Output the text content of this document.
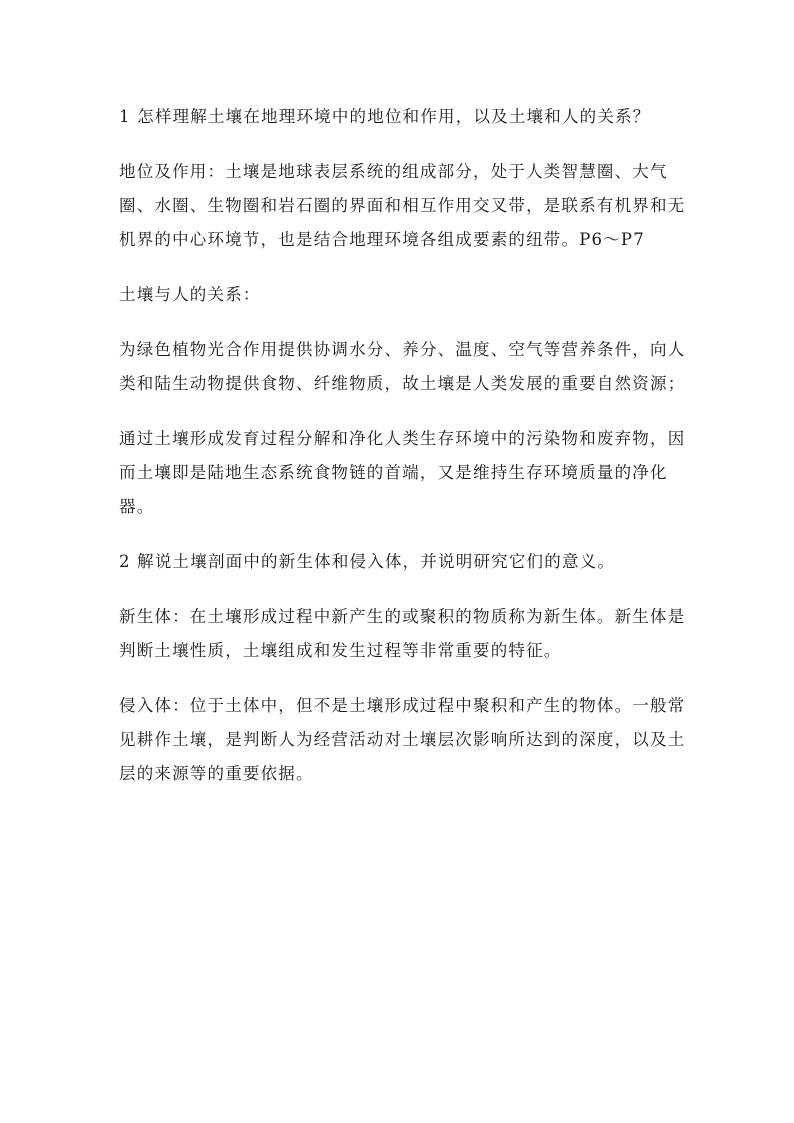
1 怎样理解土壤在地理环境中的地位和作用，以及土壤和人的关系？

地位及作用：土壤是地球表层系统的组成部分，处于人类智慧圈、大气圈、水圈、生物圈和岩石圈的界面和相互作用交叉带，是联系有机界和无机界的中心环境节，也是结合地理环境各组成要素的纽带。P6～P7

土壤与人的关系：

为绿色植物光合作用提供协调水分、养分、温度、空气等营养条件，向人类和陆生动物提供食物、纤维物质，故土壤是人类发展的重要自然资源；

通过土壤形成发育过程分解和净化人类生存环境中的污染物和废弃物，因而土壤即是陆地生态系统食物链的首端，又是维持生存环境质量的净化器。

2 解说土壤剖面中的新生体和侵入体，并说明研究它们的意义。

新生体：在土壤形成过程中新产生的或聚积的物质称为新生体。新生体是判断土壤性质，土壤组成和发生过程等非常重要的特征。

侵入体：位于土体中，但不是土壤形成过程中聚积和产生的物体。一般常见耕作土壤，是判断人为经营活动对土壤层次影响所达到的深度，以及土层的来源等的重要依据。
